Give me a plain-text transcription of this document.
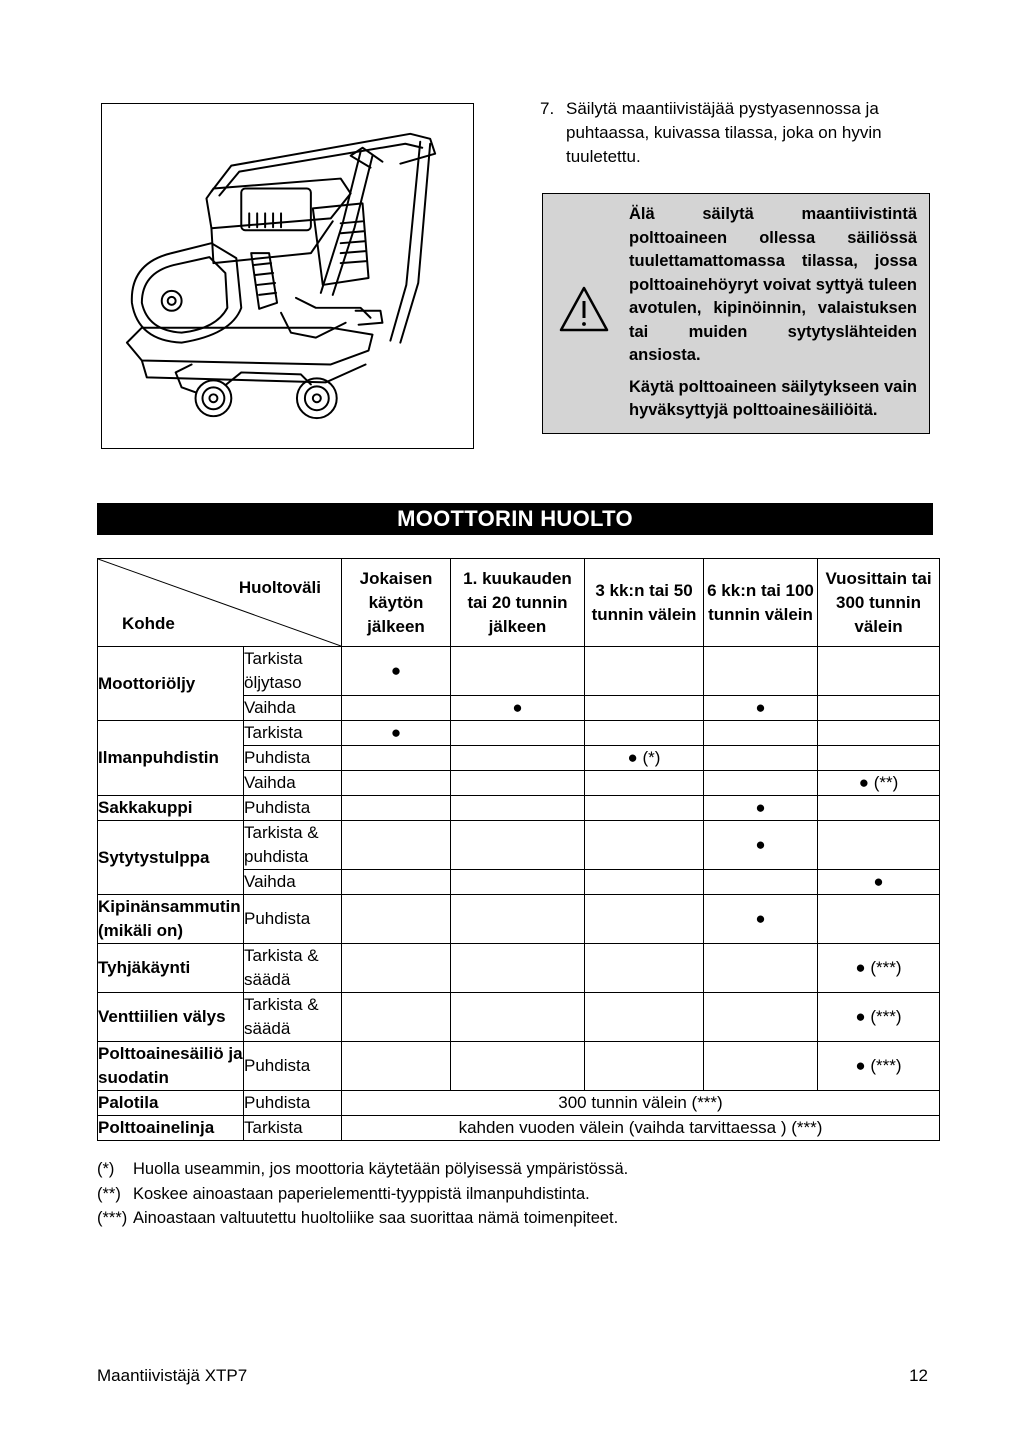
7. Säilytä maantiivistäjää pystyasennossa ja puhtaassa, kuivassa tilassa, joka on hyvin tuuletettu.

Älä säilytä maantiivistintä polttoaineen ollessa säiliössä tuulettamattomassa tilassa, jossa polttoainehöyryt voivat syttyä tuleen avotulen, kipinöinnin, valaistuksen tai muiden sytytyslähteiden ansiosta.

Käytä polttoaineen säilytykseen vain hyväksyttyjä polttoainesäiliöitä.

MOOTTORIN HUOLTO
Huoltoväli
Kohde		Jokaisen käytön jälkeen	1. kuukauden tai 20 tunnin jälkeen	3 kk:n tai 50 tunnin välein	6 kk:n tai 100 tunnin välein	Vuosittain tai 300 tunnin välein
Moottoriöljy	Tarkista öljytaso	●				
	Vaihda		●		●	
Ilmanpuhdistin	Tarkista	●				
	Puhdista			● (*)		
	Vaihda					● (**)
Sakkakuppi	Puhdista				●	
Sytytystulppa	Tarkista & puhdista				●	
	Vaihda					●
Kipinänsammutin (mikäli on)	Puhdista				●	
Tyhjäkäynti	Tarkista & säädä					● (***)
Venttiilien välys	Tarkista & säädä					● (***)
Polttoainesäiliö ja suodatin	Puhdista					● (***)
Palotila	Puhdista	300 tunnin välein (***)				
Polttoainelinja	Tarkista	kahden vuoden välein (vaihda tarvittaessa ) (***)				
(*)	Huolla useammin, jos moottoria käytetään pölyisessä ympäristössä.
(**) Koskee ainoastaan paperielementti-tyyppistä ilmanpuhdistinta.
(***) Ainoastaan valtuutettu huoltoliike saa suorittaa nämä toimenpiteet.
Maantiivistäjä XTP7	12
